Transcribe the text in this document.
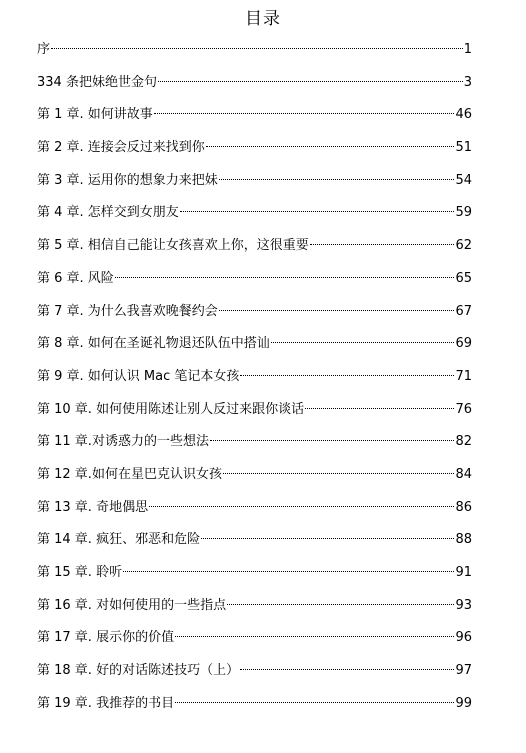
目录
序	1
334 条把妹绝世金句	3
第 1 章. 如何讲故事	46
第 2 章. 连接会反过来找到你	51
第 3 章. 运用你的想象力来把妹	54
第 4 章. 怎样交到女朋友	59
第 5 章. 相信自己能让女孩喜欢上你，这很重要	62
第 6 章. 风险	65
第 7 章. 为什么我喜欢晚餐约会	67
第 8 章. 如何在圣诞礼物退还队伍中搭讪	69
第 9 章. 如何认识 Mac 笔记本女孩	71
第 10 章. 如何使用陈述让别人反过来跟你谈话	76
第 11 章.对诱惑力的一些想法	82
第 12 章.如何在星巴克认识女孩	84
第 13 章. 奇地偶思	86
第 14 章. 疯狂、邪恶和危险	88
第 15 章. 聆听	91
第 16 章. 对如何使用的一些指点	93
第 17 章. 展示你的价值	96
第 18 章. 好的对话陈述技巧（上）	97
第 19 章. 我推荐的书目	99
